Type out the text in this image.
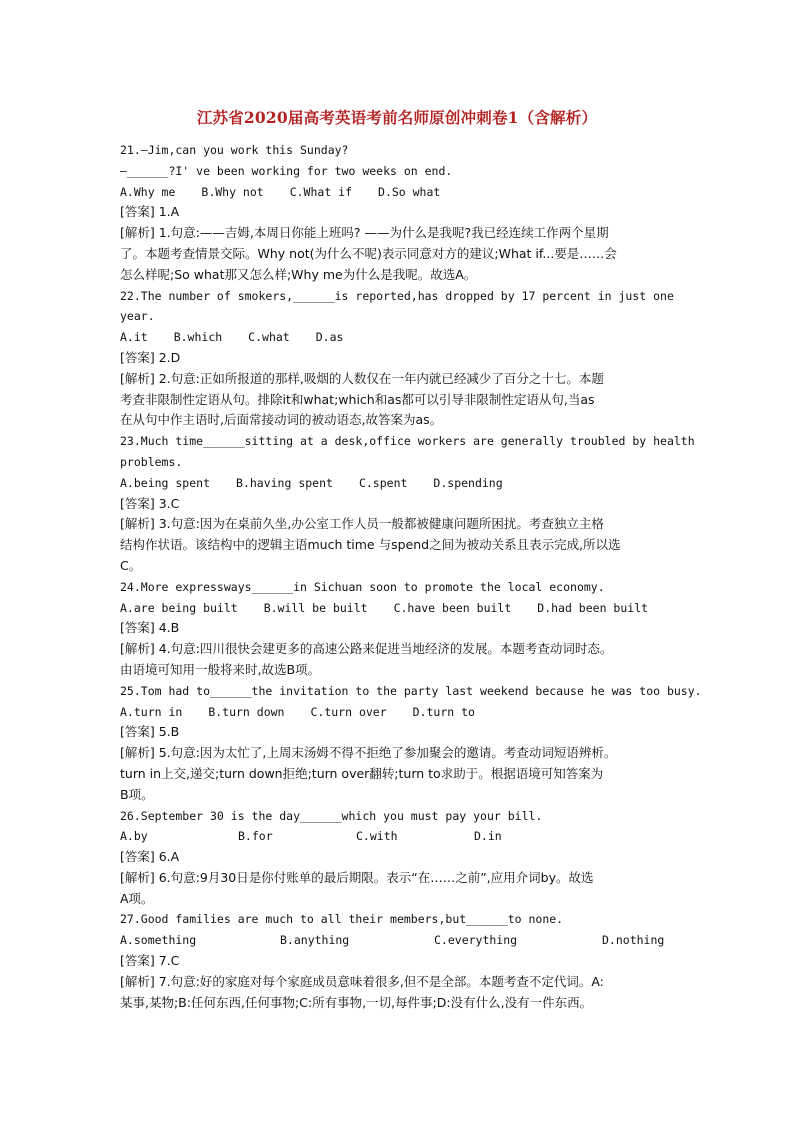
江苏省2020届高考英语考前名师原创冲刺卷1（含解析）
21.—Jim,can you work this Sunday?
—______?I' ve been working for two weeks on end.
A.Why me B.Why not C.What if D.So what
[答案] 1.A
[解析] 1.句意:——吉姆,本周日你能上班吗? ——为什么是我呢?我已经连续工作两个星期
了。本题考查情景交际。Why not(为什么不呢)表示同意对方的建议;What if...要是……会
怎么样呢;So what那又怎么样;Why me为什么是我呢。故选A。
22.The number of smokers,______is reported,has dropped by 17 percent in just one
year.
A.it B.which C.what D.as
[答案] 2.D
[解析] 2.句意:正如所报道的那样,吸烟的人数仅在一年内就已经减少了百分之十七。本题
考查非限制性定语从句。排除it和what;which和as都可以引导非限制性定语从句,当as
在从句中作主语时,后面常接动词的被动语态,故答案为as。
23.Much time______sitting at a desk,office workers are generally troubled by health
problems.
A.being spent B.having spent C.spent D.spending
[答案] 3.C
[解析] 3.句意:因为在桌前久坐,办公室工作人员一般都被健康问题所困扰。考查独立主格
结构作状语。该结构中的逻辑主语much time 与spend之间为被动关系且表示完成,所以选
C。
24.More expressways______in Sichuan soon to promote the local economy.
A.are being built B.will be built C.have been built D.had been built
[答案] 4.B
[解析] 4.句意:四川很快会建更多的高速公路来促进当地经济的发展。本题考查动词时态。
由语境可知用一般将来时,故选B项。
25.Tom had to______the invitation to the party last weekend because he was too busy.
A.turn in B.turn down C.turn over D.turn to
[答案] 5.B
[解析] 5.句意:因为太忙了,上周末汤姆不得不拒绝了参加聚会的邀请。考查动词短语辨析。
turn in上交,递交;turn down拒绝;turn over翻转;turn to求助于。根据语境可知答案为
B项。
26.September 30 is the day______which you must pay your bill.
A.by	B.for	C.with	D.in
[答案] 6.A
[解析] 6.句意:9月30日是你付账单的最后期限。表示“在……之前”,应用介词by。故选
A项。
27.Good families are much to all their members,but______to none.
A.something	B.anything	C.everything	D.nothing
[答案] 7.C
[解析] 7.句意:好的家庭对每个家庭成员意味着很多,但不是全部。本题考查不定代词。A:
某事,某物;B:任何东西,任何事物;C:所有事物,一切,每件事;D:没有什么,没有一件东西。
